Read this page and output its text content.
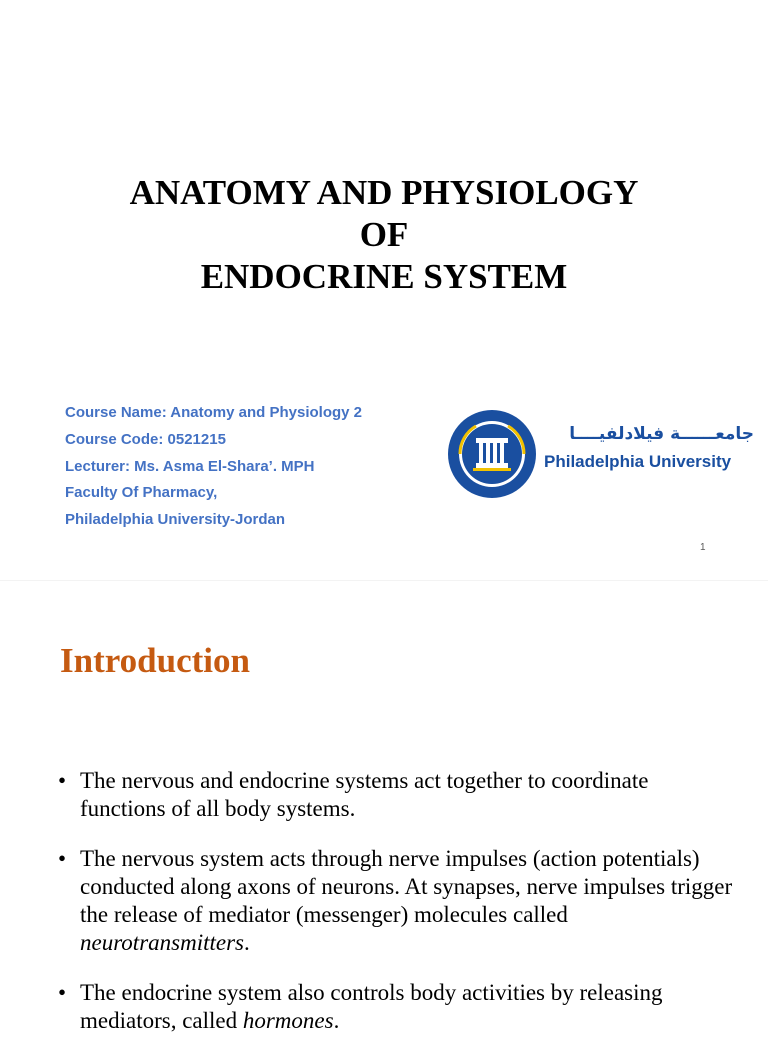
ANATOMY AND PHYSIOLOGY
OF
ENDOCRINE SYSTEM
Course Name: Anatomy and Physiology 2
Course Code: 0521215
Lecturer: Ms. Asma El-Shara’. MPH
Faculty Of Pharmacy,
Philadelphia University-Jordan
جامعــــــة فيلادلفيــــا
Philadelphia University
1
Introduction
• The nervous and endocrine systems act together to coordinate functions of all body systems.
• The nervous system acts through nerve impulses (action potentials) conducted along axons of neurons. At synapses, nerve impulses trigger the release of mediator (messenger) molecules called neurotransmitters.
• The endocrine system also controls body activities by releasing mediators, called hormones.
